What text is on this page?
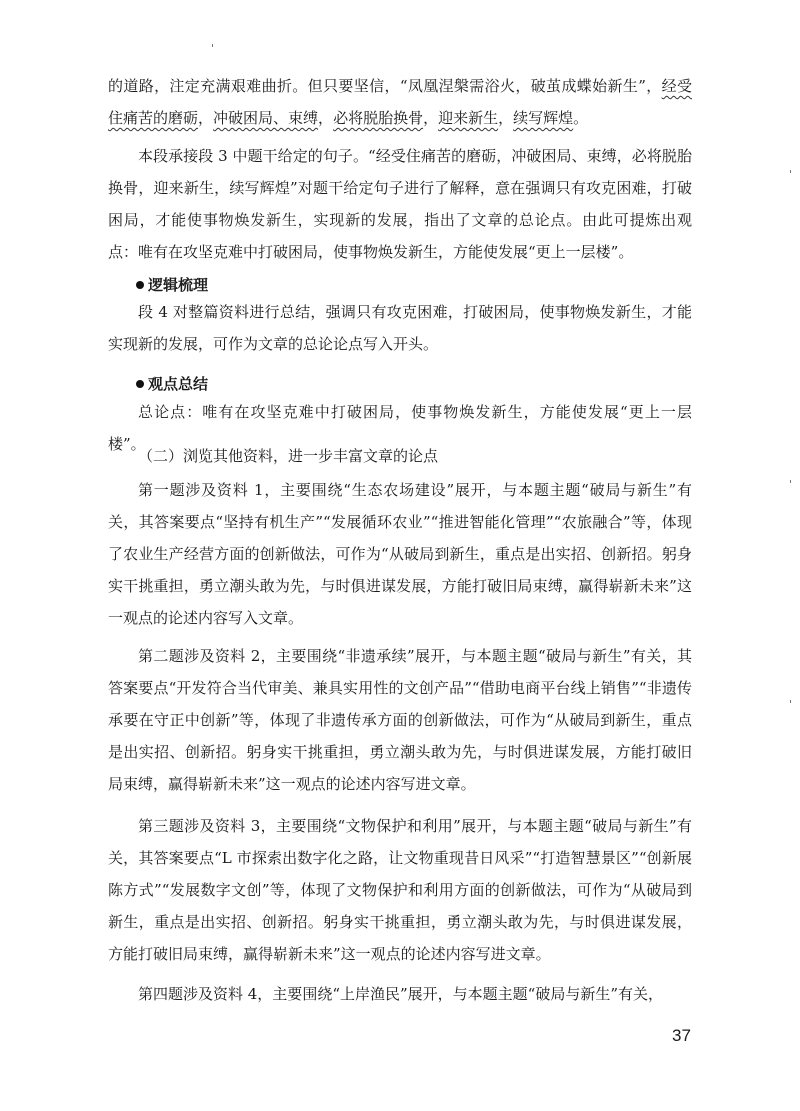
的道路，注定充满艰难曲折。但只要坚信，“凤凰涅槃需浴火，破茧成蝶始新生”，经受住痛苦的磨砺，冲破困局、束缚，必将脱胎换骨，迎来新生，续写辉煌。

本段承接段 3 中题干给定的句子。“经受住痛苦的磨砺，冲破困局、束缚，必将脱胎换骨，迎来新生，续写辉煌”对题干给定句子进行了解释，意在强调只有攻克困难，打破困局，才能使事物焕发新生，实现新的发展，指出了文章的总论点。由此可提炼出观点：唯有在攻坚克难中打破困局，使事物焕发新生，方能使发展“更上一层楼”。

逻辑梳理

段 4 对整篇资料进行总结，强调只有攻克困难，打破困局，使事物焕发新生，才能实现新的发展，可作为文章的总论论点写入开头。

观点总结

总论点：唯有在攻坚克难中打破困局，使事物焕发新生，方能使发展“更上一层楼”。

（二）浏览其他资料，进一步丰富文章的论点

第一题涉及资料 1，主要围绕“生态农场建设”展开，与本题主题“破局与新生”有关，其答案要点“坚持有机生产”“发展循环农业”“推进智能化管理”“农旅融合”等，体现了农业生产经营方面的创新做法，可作为“从破局到新生，重点是出实招、创新招。躬身实干挑重担，勇立潮头敢为先，与时俱进谋发展，方能打破旧局束缚，赢得崭新未来”这一观点的论述内容写入文章。

第二题涉及资料 2，主要围绕“非遗承续”展开，与本题主题“破局与新生”有关，其答案要点“开发符合当代审美、兼具实用性的文创产品”“借助电商平台线上销售”“非遗传承要在守正中创新”等，体现了非遗传承方面的创新做法，可作为“从破局到新生，重点是出实招、创新招。躬身实干挑重担，勇立潮头敢为先，与时俱进谋发展，方能打破旧局束缚，赢得崭新未来”这一观点的论述内容写进文章。

第三题涉及资料 3，主要围绕“文物保护和利用”展开，与本题主题“破局与新生”有关，其答案要点“L 市探索出数字化之路，让文物重现昔日风采”“打造智慧景区”“创新展陈方式”“发展数字文创”等，体现了文物保护和利用方面的创新做法，可作为“从破局到新生，重点是出实招、创新招。躬身实干挑重担，勇立潮头敢为先，与时俱进谋发展，方能打破旧局束缚，赢得崭新未来”这一观点的论述内容写进文章。

第四题涉及资料 4，主要围绕“上岸渔民”展开，与本题主题“破局与新生”有关，

37
